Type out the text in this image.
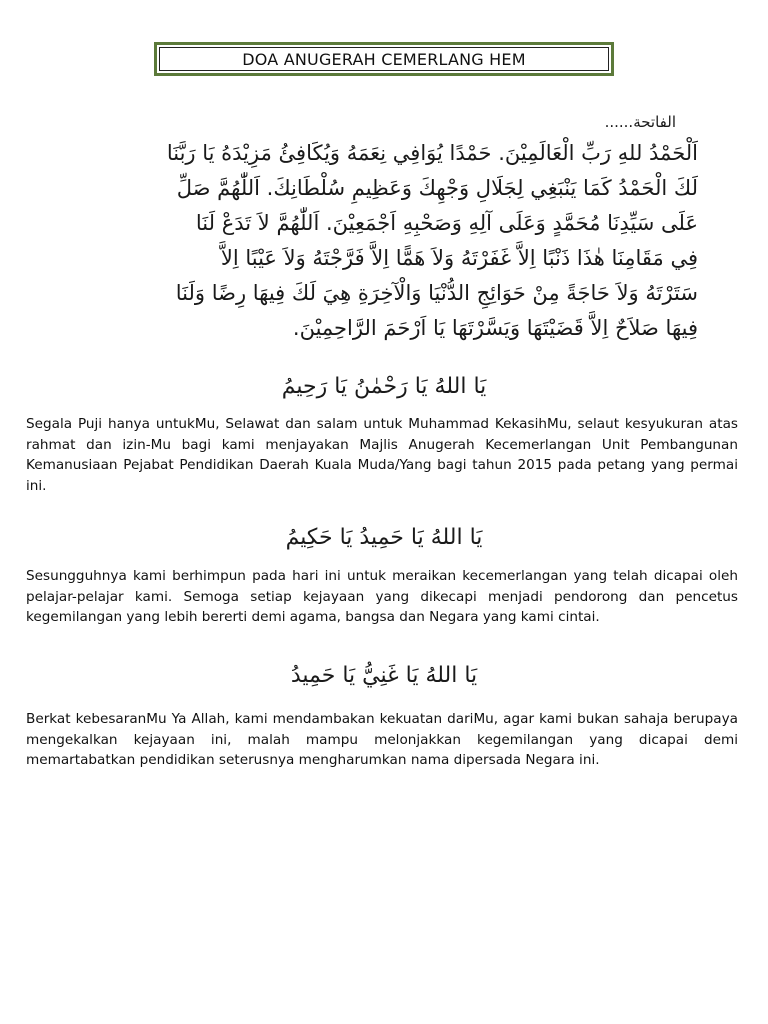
DOA ANUGERAH CEMERLANG HEM
الفاتحة......
اَلْحَمْدُ للهِ رَبِّ الْعَالَمِيْنَ. حَمْدًا يُوَافِي نِعَمَهُ وَيُكَافِئُ مَزِيْدَهُ يَا رَبَّنَا
لَكَ الْحَمْدُ كَمَا يَنْبَغِي لِجَلَالِ وَجْهِكَ وَعَظِيمِ سُلْطَانِكَ. اَللّٰهُمَّ صَلِّ
عَلَى سَيِّدِنَا مُحَمَّدٍ وَعَلَى آلِهِ وَصَحْبِهِ اَجْمَعِيْنَ. اَللّٰهُمَّ لاَ تَدَعْ لَنَا
فِي مَقَامِنَا هٰذَا ذَنْبًا اِلاَّ غَفَرْتَهُ وَلاَ هَمًّا اِلاَّ فَرَّجْتَهُ وَلاَ عَيْبًا اِلاَّ
سَتَرْتَهُ وَلاَ حَاجَةً مِنْ حَوَائِجِ الدُّنْيَا وَالْآخِرَةِ هِيَ لَكَ فِيهَا رِضًا وَلَنَا
فِيهَا صَلاَحٌ اِلاَّ قَضَيْتَهَا وَيَسَّرْتَهَا يَا اَرْحَمَ الرَّاحِمِيْنَ.
يَا اللهُ يَا رَحْمٰنُ يَا رَحِيمُ

Segala Puji hanya untukMu, Selawat dan salam untuk Muhammad KekasihMu, selaut kesyukuran atas rahmat dan izin-Mu bagi kami menjayakan Majlis Anugerah Kecemerlangan Unit Pembangunan Kemanusiaan Pejabat Pendidikan Daerah Kuala Muda/Yang bagi tahun 2015 pada petang yang permai ini.

يَا اللهُ يَا حَمِيدُ يَا حَكِيمُ

Sesungguhnya kami berhimpun pada hari ini untuk meraikan kecemerlangan yang telah dicapai oleh pelajar-pelajar kami. Semoga setiap kejayaan yang dikecapi menjadi pendorong dan pencetus kegemilangan yang lebih bererti demi agama, bangsa dan Negara yang kami cintai.

يَا اللهُ يَا غَنِيُّ يَا حَمِيدُ

Berkat kebesaranMu Ya Allah, kami mendambakan kekuatan dariMu, agar kami bukan sahaja berupaya mengekalkan kejayaan ini, malah mampu melonjakkan kegemilangan yang dicapai demi memartabatkan pendidikan seterusnya mengharumkan nama dipersada Negara ini.
